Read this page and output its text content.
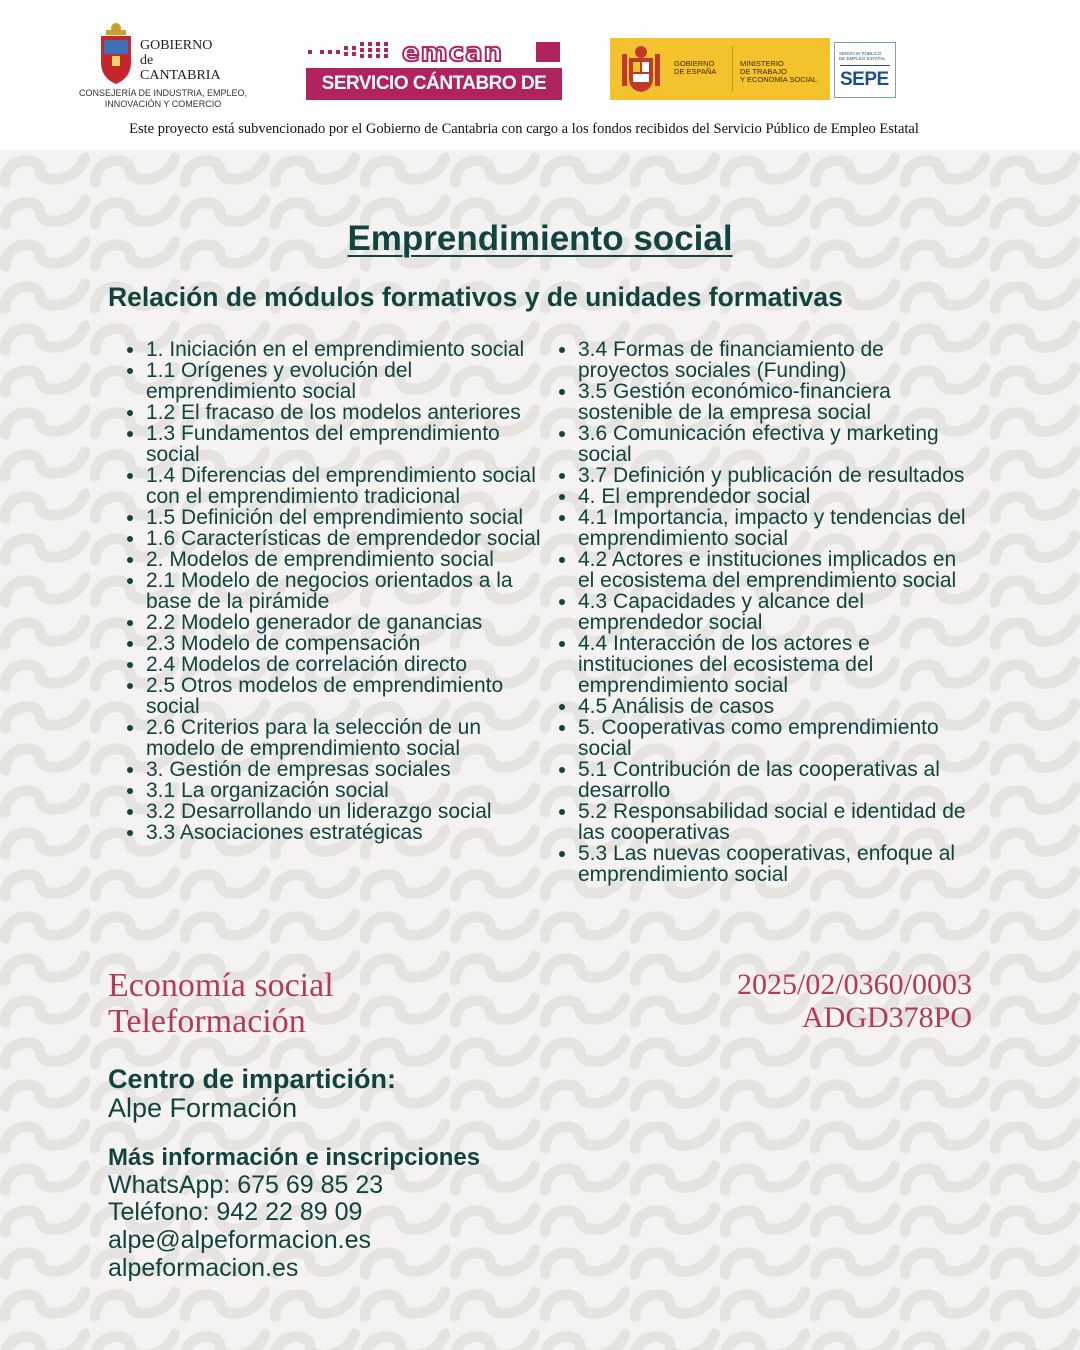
GOBIERNO
de
CANTABRIA
CONSEJERÍA DE INDUSTRIA, EMPLEO,
INNOVACIÓN Y COMERCIO
emcan
SERVICIO CÁNTABRO DE EMPLEO
GOBIERNO
DE ESPAÑA
MINISTERIO
DE TRABAJO
Y ECONOMÍA SOCIAL
SERVICIO PÚBLICO
DE EMPLEO ESTATAL
SEPE
Este proyecto está subvencionado por el Gobierno de Cantabria con cargo a los fondos recibidos del Servicio Público de Empleo Estatal
Emprendimiento social
Relación de módulos formativos y de unidades formativas
• 1. Iniciación en el emprendimiento social
• 1.1 Orígenes y evolución del emprendimiento social
• 1.2 El fracaso de los modelos anteriores
• 1.3 Fundamentos del emprendimiento social
• 1.4 Diferencias del emprendimiento social con el emprendimiento tradicional
• 1.5 Definición del emprendimiento social
• 1.6 Características de emprendedor social
• 2. Modelos de emprendimiento social
• 2.1 Modelo de negocios orientados a la base de la pirámide
• 2.2 Modelo generador de ganancias
• 2.3 Modelo de compensación
• 2.4 Modelos de correlación directo
• 2.5 Otros modelos de emprendimiento social
• 2.6 Criterios para la selección de un modelo de emprendimiento social
• 3. Gestión de empresas sociales
• 3.1 La organización social
• 3.2 Desarrollando un liderazgo social
• 3.3 Asociaciones estratégicas
• 3.4 Formas de financiamiento de proyectos sociales (Funding)
• 3.5 Gestión económico-financiera sostenible de la empresa social
• 3.6 Comunicación efectiva y marketing social
• 3.7 Definición y publicación de resultados
• 4. El emprendedor social
• 4.1 Importancia, impacto y tendencias del emprendimiento social
• 4.2 Actores e instituciones implicados en el ecosistema del emprendimiento social
• 4.3 Capacidades y alcance del emprendedor social
• 4.4 Interacción de los actores e instituciones del ecosistema del emprendimiento social
• 4.5 Análisis de casos
• 5. Cooperativas como emprendimiento social
• 5.1 Contribución de las cooperativas al desarrollo
• 5.2 Responsabilidad social e identidad de las cooperativas
• 5.3 Las nuevas cooperativas, enfoque al emprendimiento social
Economía social
Teleformación
2025/02/0360/0003
ADGD378PO
Centro de impartición:
Alpe Formación
Más información e inscripciones
WhatsApp: 675 69 85 23
Teléfono: 942 22 89 09
alpe@alpeformacion.es
alpeformacion.es
